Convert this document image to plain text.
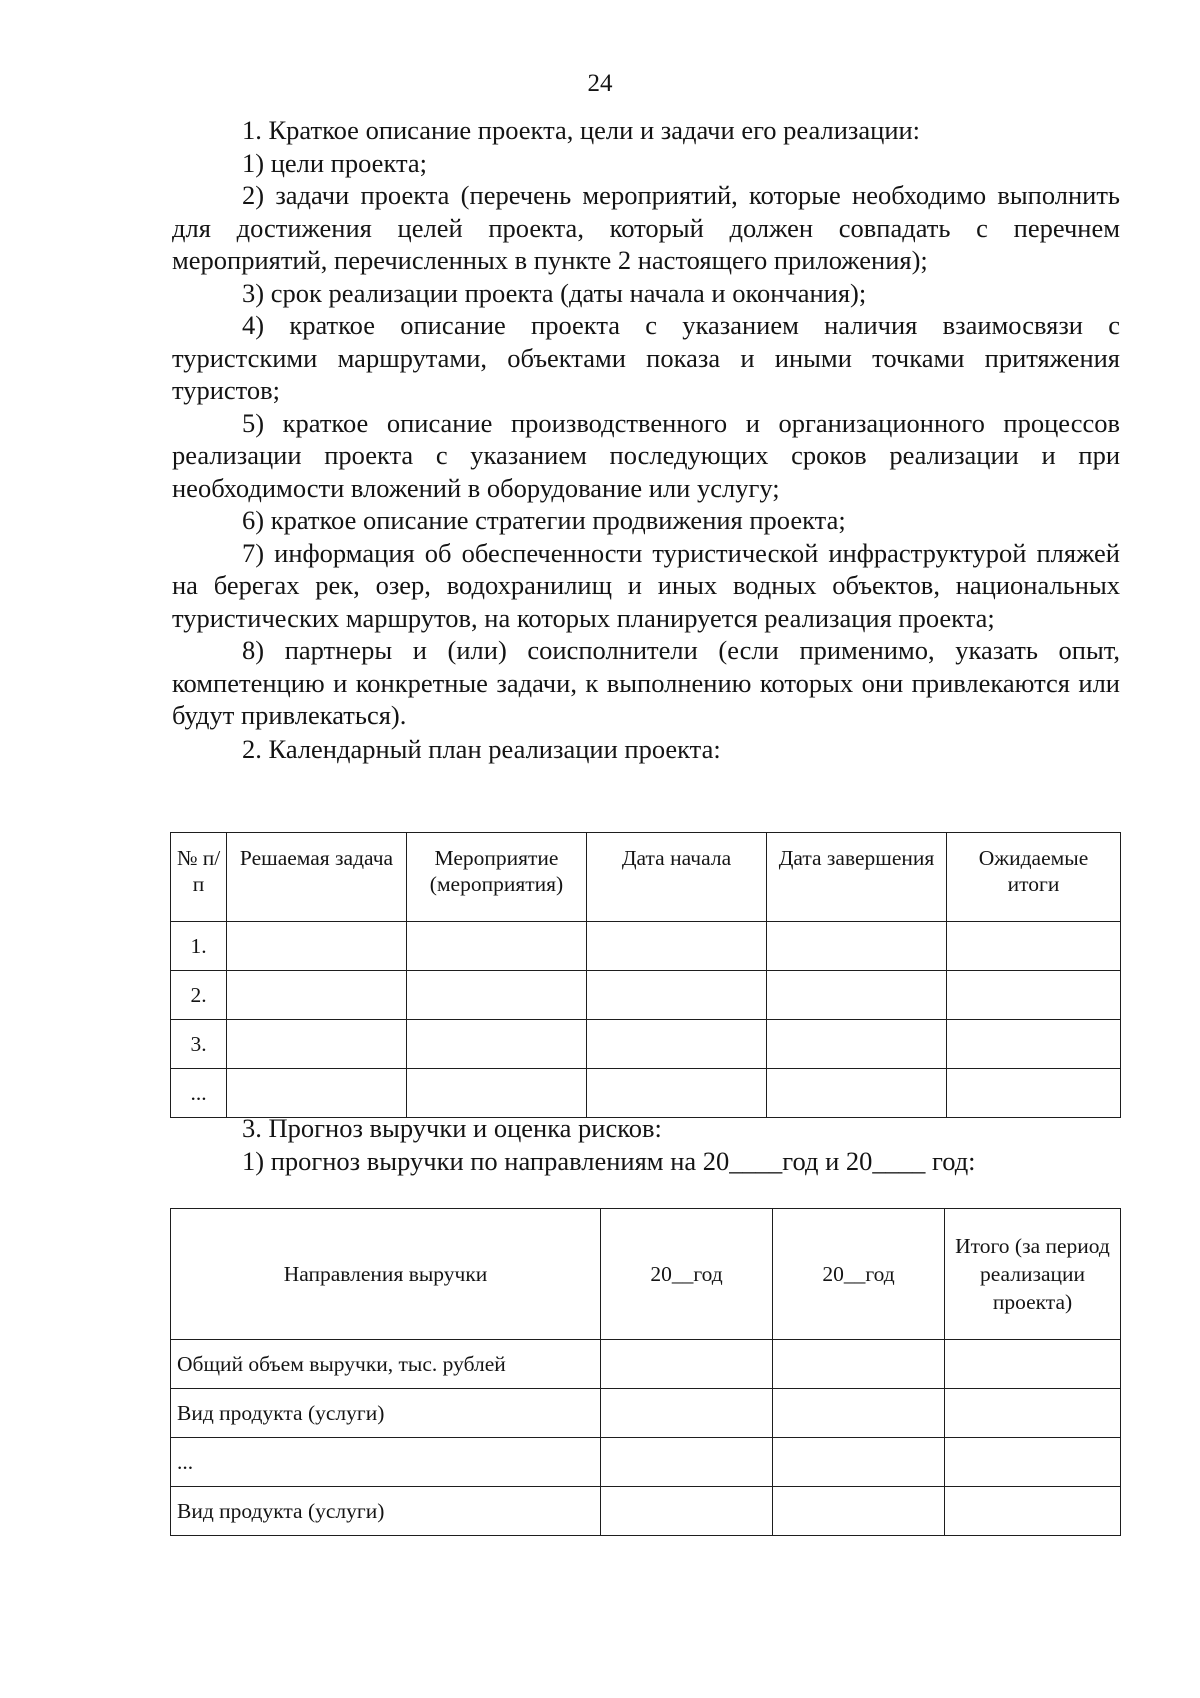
24

1. Краткое описание проекта, цели и задачи его реализации:

1) цели проекта;

2) задачи проекта (перечень мероприятий, которые необходимо выполнить для достижения целей проекта, который должен совпадать с перечнем мероприятий, перечисленных в пункте 2 настоящего приложения);

3) срок реализации проекта (даты начала и окончания);

4) краткое описание проекта с указанием наличия взаимосвязи с туристскими маршрутами, объектами показа и иными точками притяжения туристов;

5) краткое описание производственного и организационного процессов реализации проекта с указанием последующих сроков реализации и при необходимости вложений в оборудование или услугу;

6) краткое описание стратегии продвижения проекта;

7) информация об обеспеченности туристической инфраструктурой пляжей на берегах рек, озер, водохранилищ и иных водных объектов, национальных туристических маршрутов, на которых планируется реализация проекта;

8) партнеры и (или) соисполнители (если применимо, указать опыт, компетенцию и конкретные задачи, к выполнению которых они привлекаются или будут привлекаться).

2. Календарный план реализации проекта:

№ п/п	Решаемая задача	Мероприятие (мероприятия)	Дата начала	Дата завершения	Ожидаемые итоги
1.					
2.					
3.					
...					

3. Прогноз выручки и оценка рисков:

1) прогноз выручки по направлениям на 20____год и 20____ год:

Направления выручки	20__год	20__год	Итого (за период реализации проекта)
Общий объем выручки, тыс. рублей			
Вид продукта (услуги)			
...			
Вид продукта (услуги)			
